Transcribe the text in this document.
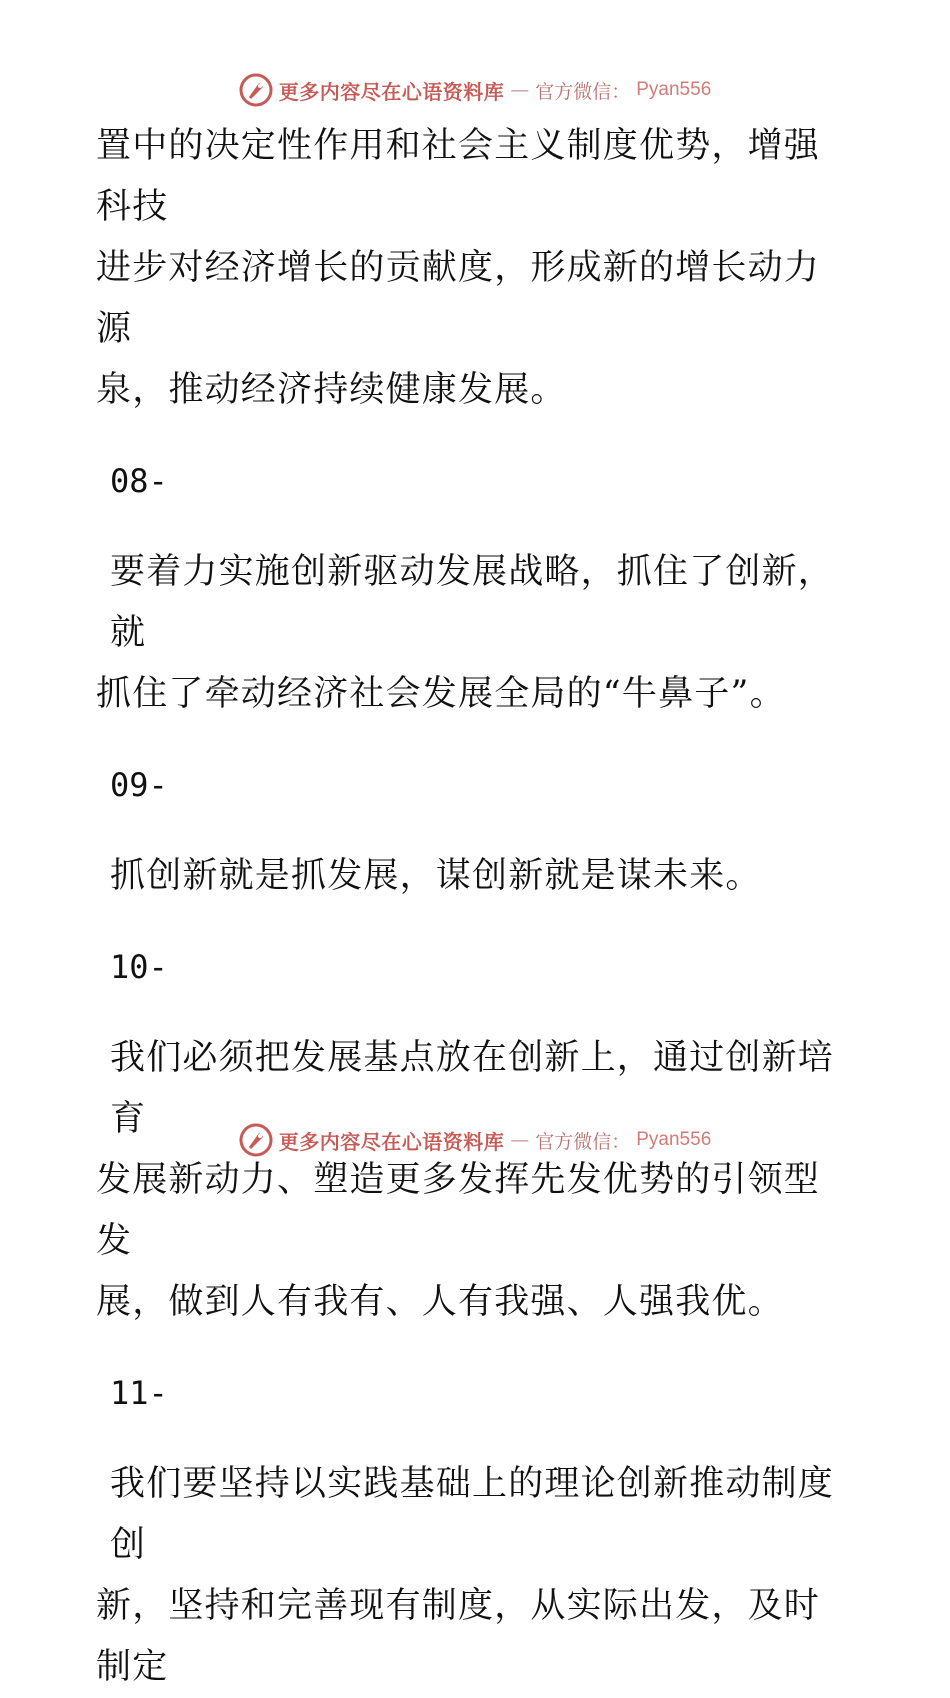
更多内容尽在心语资料库 — 官方微信： Pyan556

置中的决定性作用和社会主义制度优势，增强科技

进步对经济增长的贡献度，形成新的增长动力源

泉，推动经济持续健康发展。

08-

要着力实施创新驱动发展战略，抓住了创新，就

抓住了牵动经济社会发展全局的“牛鼻子”。

09-

抓创新就是抓发展，谋创新就是谋未来。

10-

我们必须把发展基点放在创新上，通过创新培育

发展新动力、塑造更多发挥先发优势的引领型发

展，做到人有我有、人有我强、人强我优。

11-

我们要坚持以实践基础上的理论创新推动制度创

新，坚持和完善现有制度，从实际出发，及时制定

更多内容尽在心语资料库 — 官方微信： Pyan556
